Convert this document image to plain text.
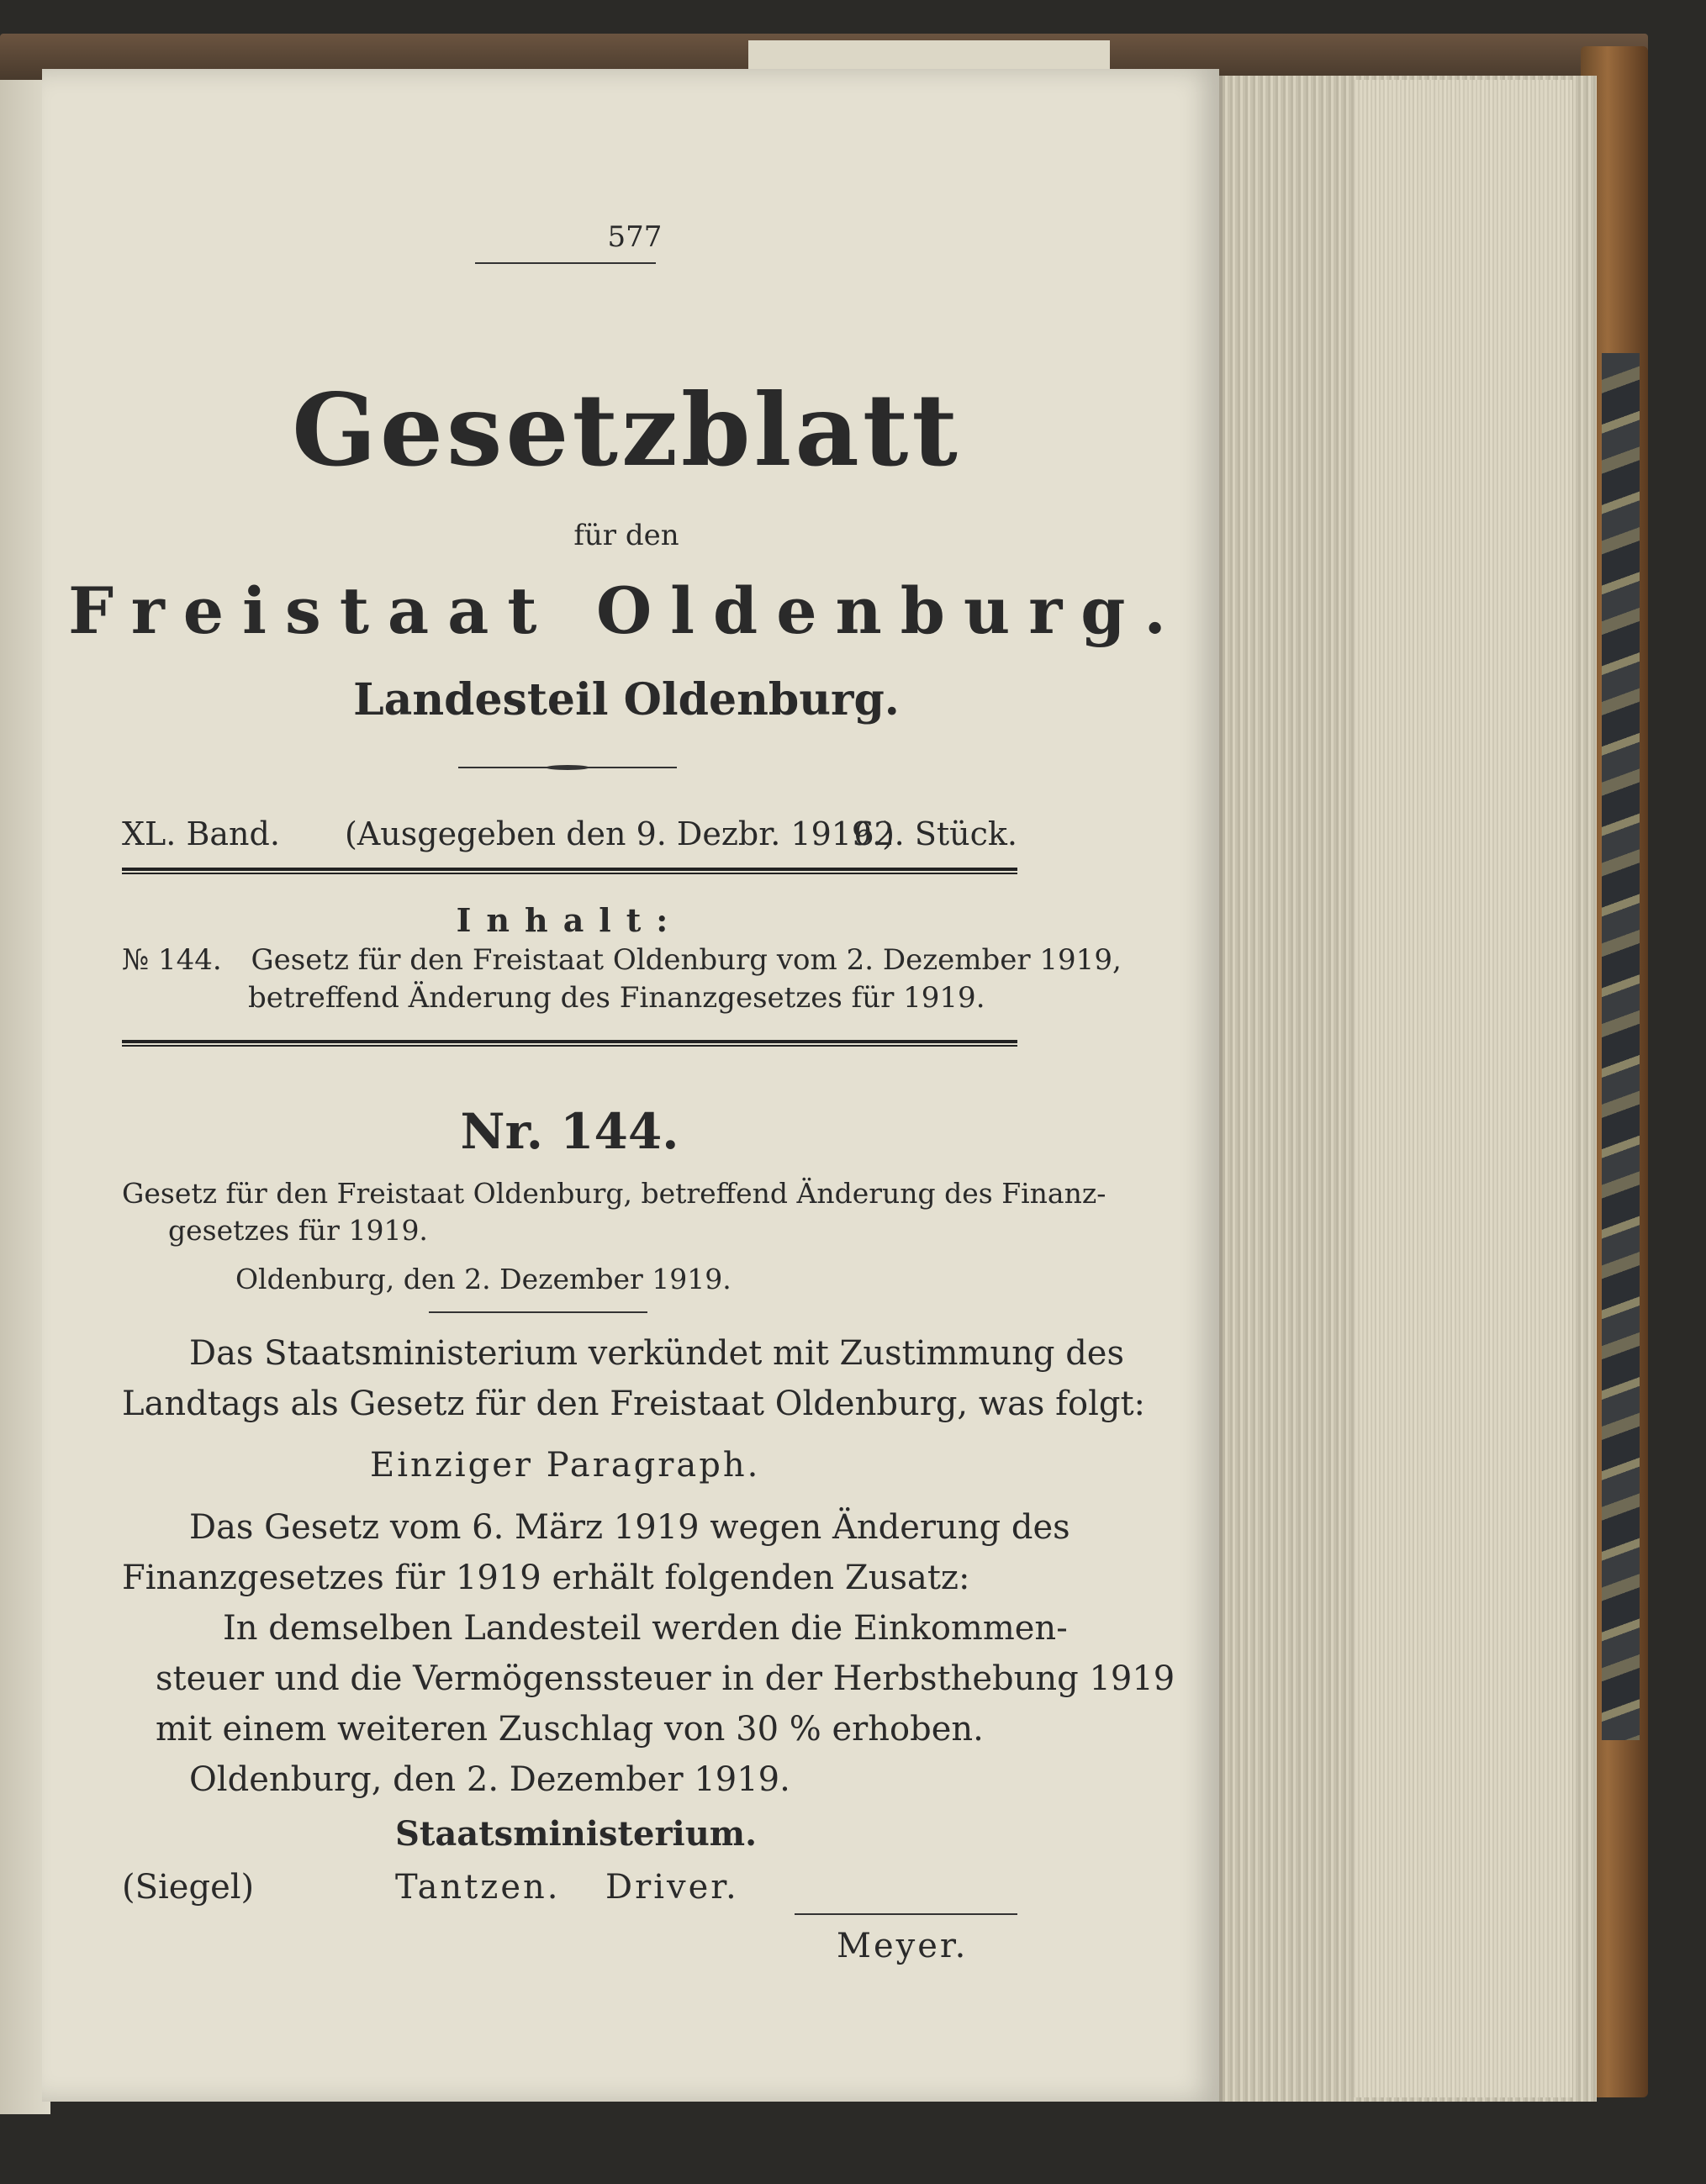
577
Gesetzblatt
für den
Freistaat Oldenburg.
Landesteil Oldenburg.
XL. Band. (Ausgegeben den 9. Dezbr. 1919.)
62. Stück.
Inhalt:
№ 144. Gesetz für den Freistaat Oldenburg vom 2. Dezember 1919,
betreffend Änderung des Finanzgesetzes für 1919.
Nr. 144.
Gesetz für den Freistaat Oldenburg, betreffend Änderung des Finanz-
gesetzes für 1919.
Oldenburg, den 2. Dezember 1919.
Das Staatsministerium verkündet mit Zustimmung des
Landtags als Gesetz für den Freistaat Oldenburg, was folgt:
Einziger Paragraph.
Das Gesetz vom 6. März 1919 wegen Änderung des
Finanzgesetzes für 1919 erhält folgenden Zusatz:
In demselben Landesteil werden die Einkommen-
steuer und die Vermögenssteuer in der Herbsthebung 1919
mit einem weiteren Zuschlag von 30 % erhoben.
Oldenburg, den 2. Dezember 1919.
Staatsministerium.
(Siegel)	Tantzen. Driver.
Meyer.
